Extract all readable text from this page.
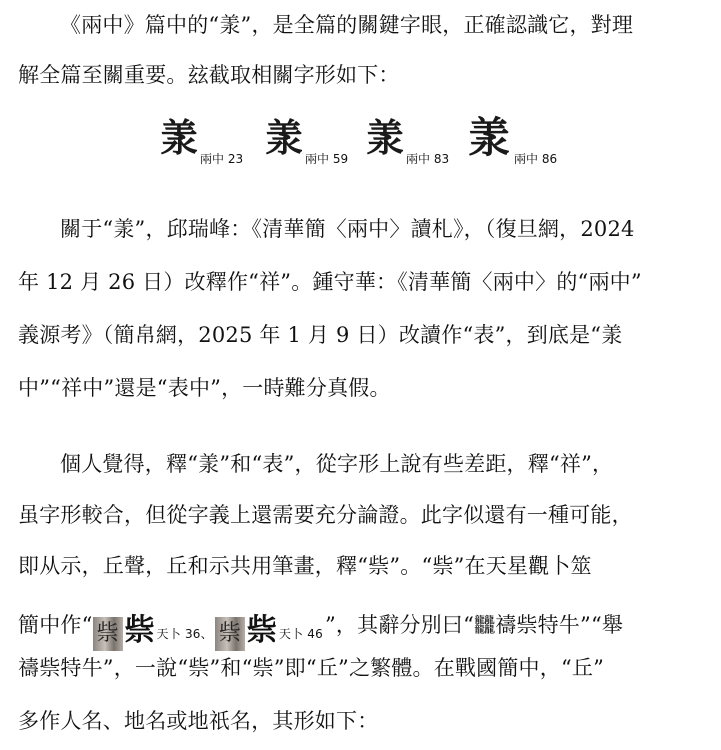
《兩中》篇中的“羕”，是全篇的關鍵字眼，正確認識它，對理
解全篇至關重要。玆截取相關字形如下：
羕 兩中 23 羕 兩中 59 羕 兩中 83 羕 兩中 86
關于“羕”，邱瑞峰：《清華簡〈兩中〉讀札》，（復旦網，2024
年 12 月 26 日）改釋作“祥”。鍾守華：《清華簡〈兩中〉的“兩中”
義源考》（簡帛網，2025 年 1 月 9 日）改讀作“表”，到底是“羕
中”“祥中”還是“表中”，一時難分真假。
個人覺得，釋“羕”和“表”，從字形上說有些差距，釋“祥”，
虽字形較合，但從字義上還需要充分論證。此字似還有一種可能，
即从示，丘聲，丘和示共用筆畫，釋“祡”。“祡”在天星觀卜筮
簡中作“ 祡 祡 $_{天卜 36、}$ 祡 祡 $_{天卜 46}$”，其辭分別曰“𪚥禱祡特牛”“舉
禱祡特牛”，一說“祡”和“祡”即“丘”之繁體。在戰國簡中，“丘”
多作人名、地名或地祇名，其形如下：
